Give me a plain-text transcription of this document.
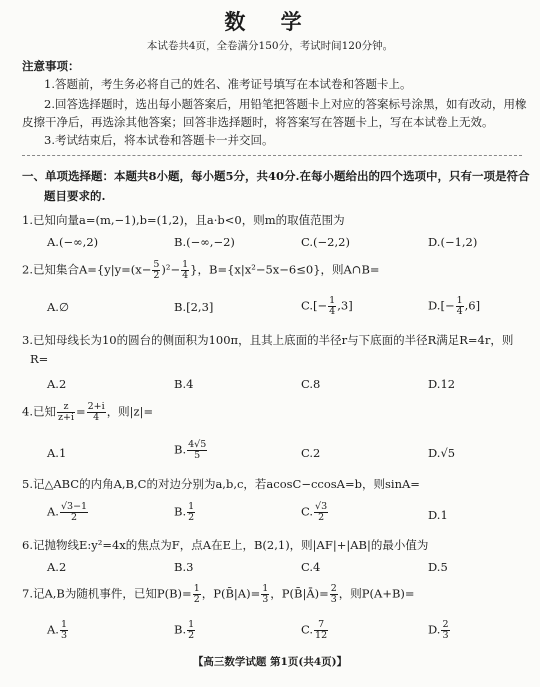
数 学
本试卷共4页，全卷满分150分，考试时间120分钟。
注意事项：
1.答题前，考生务必将自己的姓名、准考证号填写在本试卷和答题卡上。
2.回答选择题时，选出每小题答案后，用铅笔把答题卡上对应的答案标号涂黑，如有改动，用橡
皮擦干净后，再选涂其他答案；回答非选择题时，将答案写在答题卡上，写在本试卷上无效。
3.考试结束后，将本试卷和答题卡一并交回。
一、单项选择题：本题共8小题，每小题5分，共40分.在每小题给出的四个选项中，只有一项是符合
题目要求的.
1.已知向量a=(m,−1),b=(1,2)，且a·b<0，则m的取值范围为
A.(−∞,2)	B.(−∞,−2)	C.(−2,2)	D.(−1,2)
2.已知集合$A=\{y|y=(x- \frac{5}{2} )^2- \frac{1}{4}$ }，B={x|x²−5x−6≤0}，则A∩B=
A.∅	B.[2,3]	$C.[- \frac{1}{4} ,3]$	$D.[- \frac{1}{4} ,6]$
3.已知母线长为10的圆台的侧面积为100π，且其上底面的半径r与下底面的半径R满足R=4r，则
R=
A.2	B.4	C.8	D.12
4.已知 $\frac{z}{z+i} = \frac{2+i}{4}$ ，则|z|=
A.1	B. $\frac{4√5}{5}$	C.2	D.√5
5.记△ABC的内角A,B,C的对边分别为a,b,c，若acosC−ccosA=b，则sinA=
A. $\frac{√3-1}{2}$	B. $\frac{1}{2}$	C. $\frac{√3}{2}$	D.1
6.记抛物线E:y²=4x的焦点为F，点A在E上，B(2,1)，则|AF|+|AB|的最小值为
A.2	B.3	C.4	D.5
7.记A,B为随机事件，已知$P(B)= \frac{1}{2}$ ，P(B̄|A)= $\frac{1}{3}$ ，P(B̄|Ā)= $\frac{2}{3}$ ，则P(A+B)=
A. $\frac{1}{3}$	B. $\frac{1}{2}$	C. $\frac{7}{12}$	D. $\frac{2}{3}$
【高三数学试题 第1页(共4页)】
